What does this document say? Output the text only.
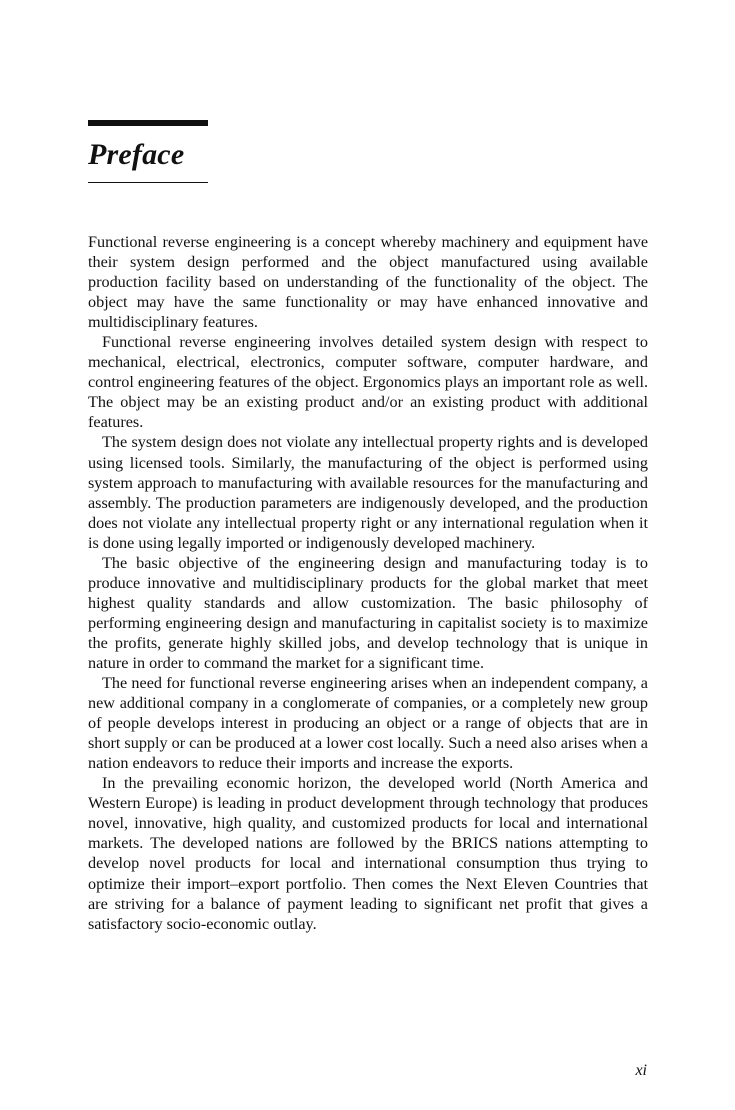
Preface

Functional reverse engineering is a concept whereby machinery and equipment have their system design performed and the object manufactured using available production facility based on understanding of the functionality of the object. The object may have the same functionality or may have enhanced innovative and multidisciplinary features.

Functional reverse engineering involves detailed system design with respect to mechanical, electrical, electronics, computer software, computer hardware, and control engineering features of the object. Ergonomics plays an important role as well. The object may be an existing product and/or an existing product with additional features.

The system design does not violate any intellectual property rights and is developed using licensed tools. Similarly, the manufacturing of the object is performed using system approach to manufacturing with available resources for the manufacturing and assembly. The production parameters are indigenously developed, and the production does not violate any intellectual property right or any international regulation when it is done using legally imported or indigenously developed machinery.

The basic objective of the engineering design and manufacturing today is to produce innovative and multidisciplinary products for the global market that meet highest quality standards and allow customization. The basic philosophy of performing engineering design and manufacturing in capitalist society is to maximize the profits, generate highly skilled jobs, and develop technology that is unique in nature in order to command the market for a significant time.

The need for functional reverse engineering arises when an independent company, a new additional company in a conglomerate of companies, or a completely new group of people develops interest in producing an object or a range of objects that are in short supply or can be produced at a lower cost locally. Such a need also arises when a nation endeavors to reduce their imports and increase the exports.

In the prevailing economic horizon, the developed world (North America and Western Europe) is leading in product development through technology that produces novel, innovative, high quality, and customized products for local and international markets. The developed nations are followed by the BRICS nations attempting to develop novel products for local and international consumption thus trying to optimize their import–export portfolio. Then comes the Next Eleven Countries that are striving for a balance of payment leading to significant net profit that gives a satisfactory socio-economic outlay.

xi
